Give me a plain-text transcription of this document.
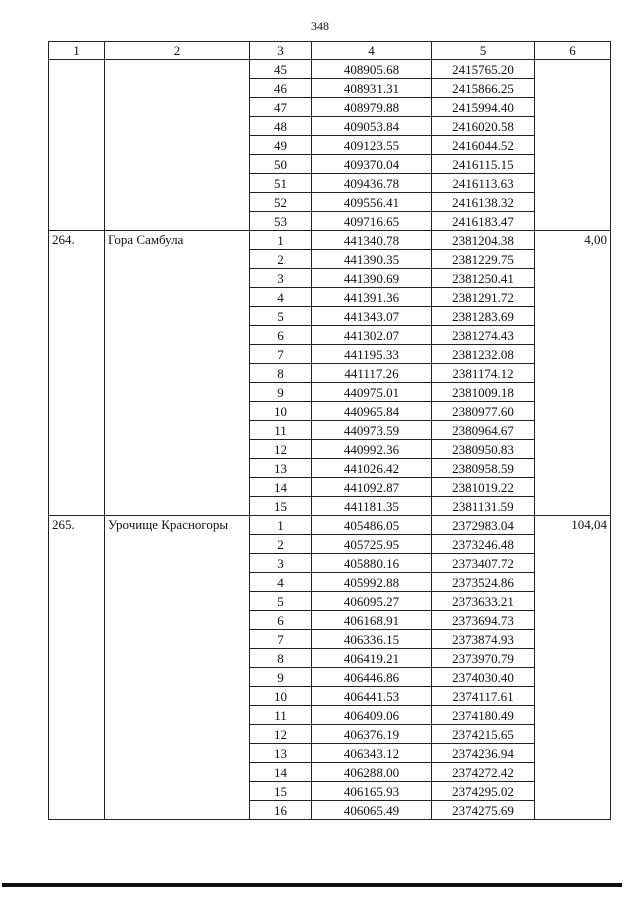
348
1	2	3	4	5	6
		45	408905.68	2415765.20	
		46	408931.31	2415866.25	
		47	408979.88	2415994.40	
		48	409053.84	2416020.58	
		49	409123.55	2416044.52	
		50	409370.04	2416115.15	
		51	409436.78	2416113.63	
		52	409556.41	2416138.32	
		53	409716.65	2416183.47	
264.	Гора Самбула	1	441340.78	2381204.38	4,00
		2	441390.35	2381229.75	
		3	441390.69	2381250.41	
		4	441391.36	2381291.72	
		5	441343.07	2381283.69	
		6	441302.07	2381274.43	
		7	441195.33	2381232.08	
		8	441117.26	2381174.12	
		9	440975.01	2381009.18	
		10	440965.84	2380977.60	
		11	440973.59	2380964.67	
		12	440992.36	2380950.83	
		13	441026.42	2380958.59	
		14	441092.87	2381019.22	
		15	441181.35	2381131.59	
265.	Урочище Красногоры	1	405486.05	2372983.04	104,04
		2	405725.95	2373246.48	
		3	405880.16	2373407.72	
		4	405992.88	2373524.86	
		5	406095.27	2373633.21	
		6	406168.91	2373694.73	
		7	406336.15	2373874.93	
		8	406419.21	2373970.79	
		9	406446.86	2374030.40	
		10	406441.53	2374117.61	
		11	406409.06	2374180.49	
		12	406376.19	2374215.65	
		13	406343.12	2374236.94	
		14	406288.00	2374272.42	
		15	406165.93	2374295.02	
		16	406065.49	2374275.69	
